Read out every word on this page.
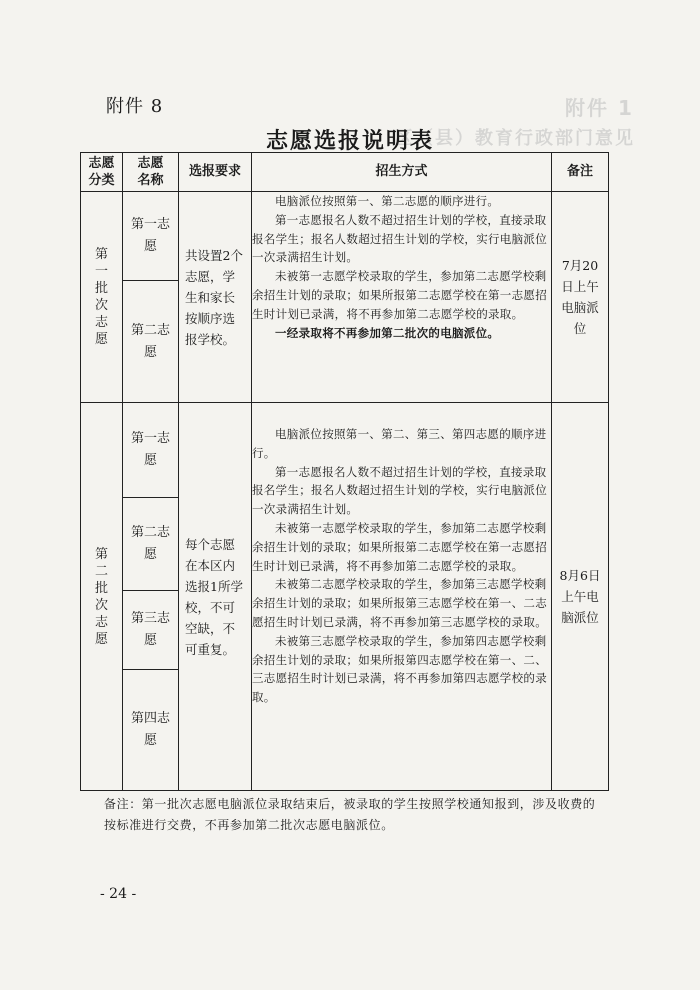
附件 1
区（县）教育行政部门意见
附件 8
志愿选报说明表
志愿分类	志愿名称	选报要求	招生方式	备注

第一批次志愿	第一志愿	共设置2个志愿，学生和家长按顺序选报学校。	电脑派位按照第一、第二志愿的顺序进行。

第一志愿报名人数不超过招生计划的学校，直接录取报名学生；报名人数超过招生计划的学校，实行电脑派位一次录满招生计划。

未被第一志愿学校录取的学生，参加第二志愿学校剩余招生计划的录取；如果所报第二志愿学校在第一志愿招生时计划已录满，将不再参加第二志愿学校的录取。

一经录取将不再参加第二批次的电脑派位。	7月20日上午电脑派位

	第二志愿			

第二批次志愿	第一志愿	每个志愿在本区内选报1所学校，不可空缺，不可重复。	电脑派位按照第一、第二、第三、第四志愿的顺序进行。

第一志愿报名人数不超过招生计划的学校，直接录取报名学生；报名人数超过招生计划的学校，实行电脑派位一次录满招生计划。

未被第一志愿学校录取的学生，参加第二志愿学校剩余招生计划的录取；如果所报第二志愿学校在第一志愿招生时计划已录满，将不再参加第二志愿学校的录取。

未被第二志愿学校录取的学生，参加第三志愿学校剩余招生计划的录取；如果所报第三志愿学校在第一、二志愿招生时计划已录满，将不再参加第三志愿学校的录取。

未被第三志愿学校录取的学生，参加第四志愿学校剩余招生计划的录取；如果所报第四志愿学校在第一、二、三志愿招生时计划已录满，将不再参加第四志愿学校的录取。	8月6日上午电脑派位

	第二志愿			

	第三志愿			

	第四志愿			
备注：第一批次志愿电脑派位录取结束后，被录取的学生按照学校通知报到，涉及收费的按标准进行交费，不再参加第二批次志愿电脑派位。
- 24 -
